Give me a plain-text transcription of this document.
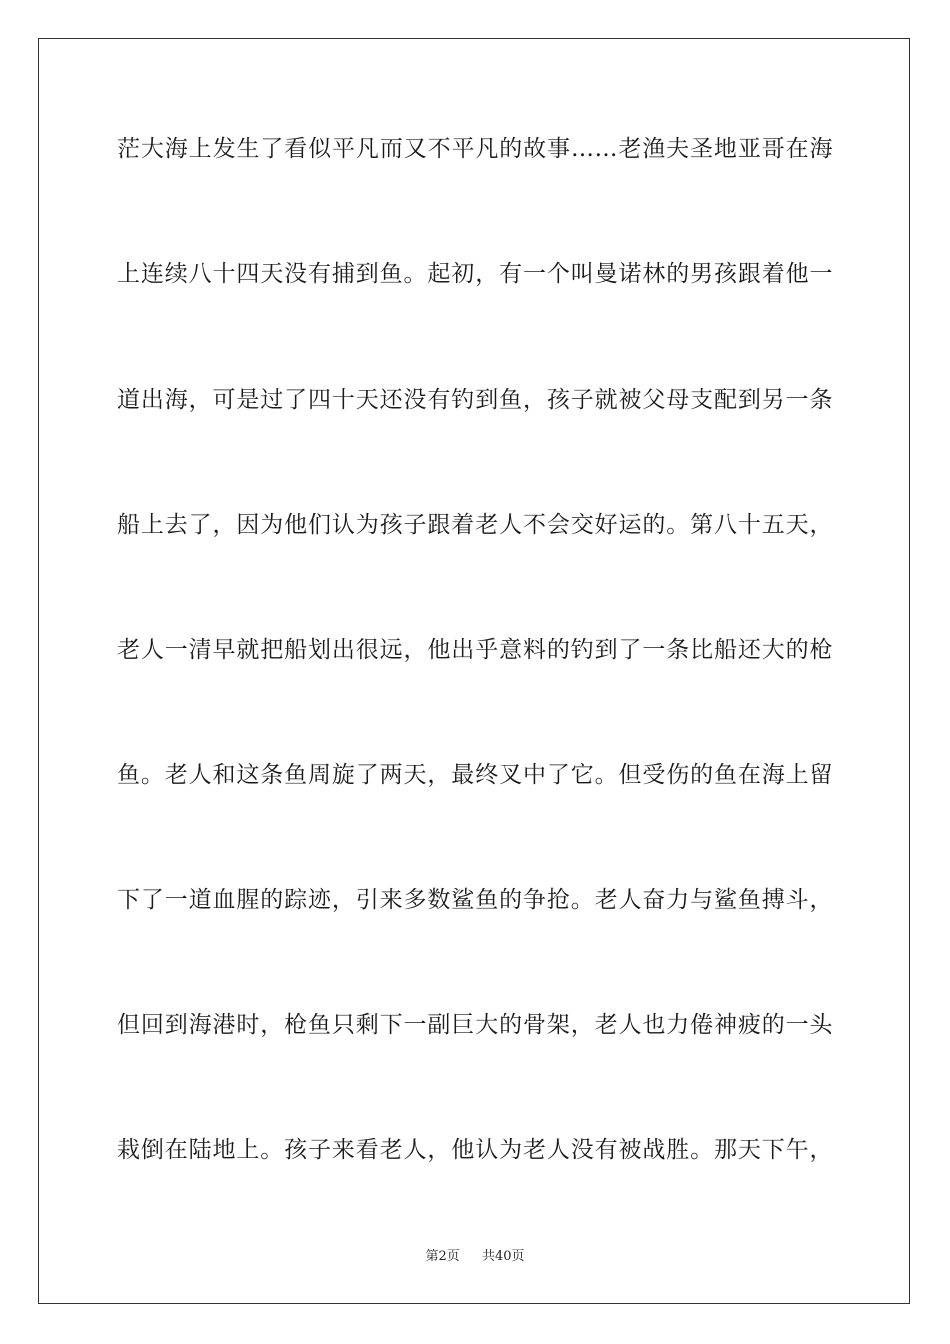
茫大海上发生了看似平凡而又不平凡的故事……老渔夫圣地亚哥在海
上连续八十四天没有捕到鱼。起初，有一个叫曼诺林的男孩跟着他一
道出海，可是过了四十天还没有钓到鱼，孩子就被父母支配到另一条
船上去了，因为他们认为孩子跟着老人不会交好运的。第八十五天，
老人一清早就把船划出很远，他出乎意料的钓到了一条比船还大的枪
鱼。老人和这条鱼周旋了两天，最终叉中了它。但受伤的鱼在海上留
下了一道血腥的踪迹，引来多数鲨鱼的争抢。老人奋力与鲨鱼搏斗，
但回到海港时，枪鱼只剩下一副巨大的骨架，老人也力倦神疲的一头
栽倒在陆地上。孩子来看老人，他认为老人没有被战胜。那天下午，
第2页 共40页
